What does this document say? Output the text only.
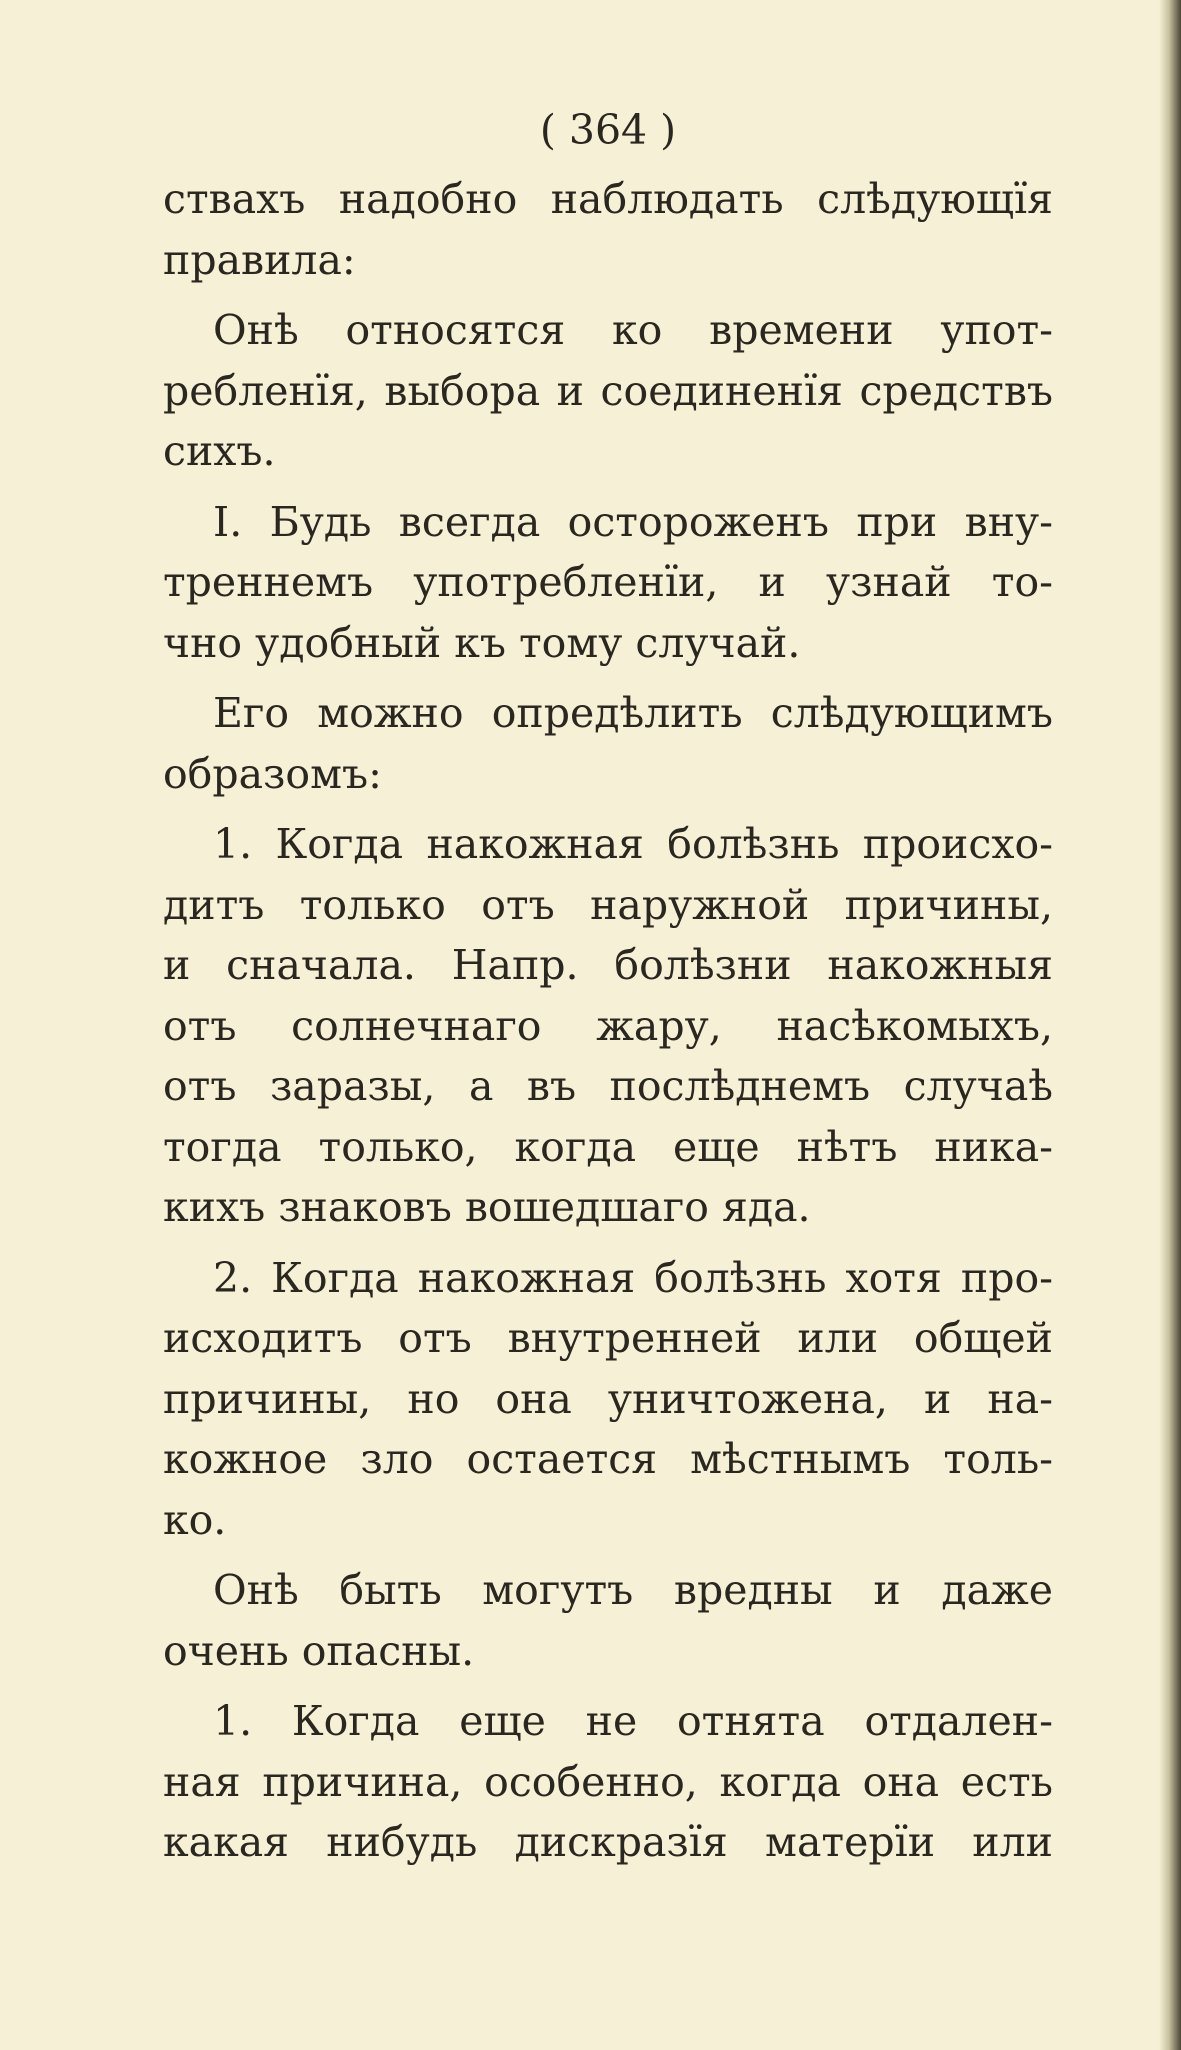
( 364 )
ствахъ надобно наблюдать слѣдующїя
правила:
Онѣ относятся ко времени упот-
ребленїя, выбора и соединенїя средствъ
сихъ.
I. Будь всегда остороженъ при вну-
треннемъ употребленїи, и узнай то-
чно удобный къ тому случай.
Его можно опредѣлить слѣдующимъ
образомъ:
1. Когда накожная болѣзнь происхо-
дитъ только отъ наружной причины,
и сначала. Напр. болѣзни накожныя
отъ солнечнаго жару, насѣкомыхъ,
отъ заразы, а въ послѣднемъ случаѣ
тогда только, когда еще нѣтъ ника-
кихъ знаковъ вошедшаго яда.
2. Когда накожная болѣзнь хотя про-
исходитъ отъ внутренней или общей
причины, но она уничтожена, и на-
кожное зло остается мѣстнымъ толь-
ко.
Онѣ быть могутъ вредны и даже
очень опасны.
1. Когда еще не отнята отдален-
ная причина, особенно, когда она есть
какая нибудь дискразїя матерїи или
